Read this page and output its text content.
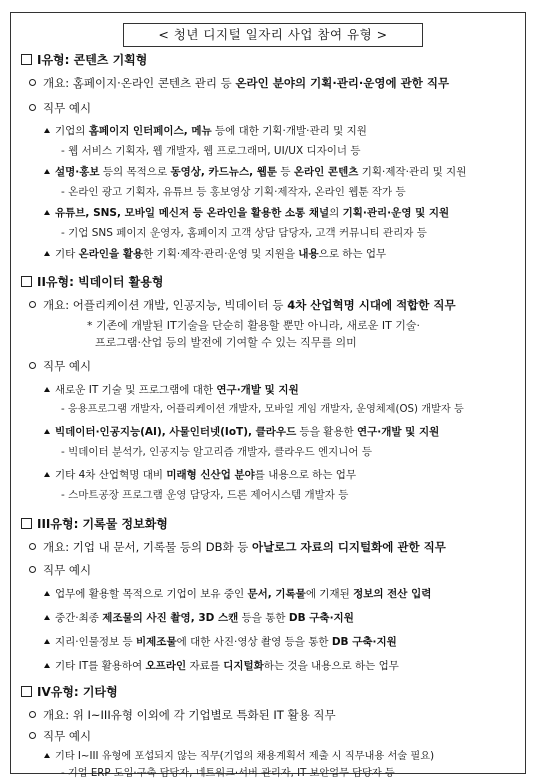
< 청년 디지털 일자리 사업 참여 유형 >
I유형: 콘텐츠 기획형
개요: 홈페이지·온라인 콘텐츠 관리 등 온라인 분야의 기획·관리·운영에 관한 직무
직무 예시
기업의 홈페이지 인터페이스, 메뉴 등에 대한 기획·개발·관리 및 지원
- 웹 서비스 기획자, 웹 개발자, 웹 프로그래머, UI/UX 디자이너 등
설명·홍보 등의 목적으로 동영상, 카드뉴스, 웹툰 등 온라인 콘텐츠 기획·제작·관리 및 지원
- 온라인 광고 기획자, 유튜브 등 홍보영상 기획·제작자, 온라인 웹툰 작가 등
유튜브, SNS, 모바일 메신저 등 온라인을 활용한 소통 채널의 기획·관리·운영 및 지원
- 기업 SNS 페이지 운영자, 홈페이지 고객 상담 담당자, 고객 커뮤니티 관리자 등
기타 온라인을 활용한 기획·제작·관리·운영 및 지원을 내용으로 하는 업무
II유형: 빅데이터 활용형
개요: 어플리케이션 개발, 인공지능, 빅데이터 등 4차 산업혁명 시대에 적합한 직무
* 기존에 개발된 IT기술을 단순히 활용할 뿐만 아니라, 새로운 IT 기술·
프로그램·산업 등의 발전에 기여할 수 있는 직무를 의미
직무 예시
새로운 IT 기술 및 프로그램에 대한 연구·개발 및 지원
- 응용프로그램 개발자, 어플리케이션 개발자, 모바일 게임 개발자, 운영체제(OS) 개발자 등
빅데이터·인공지능(AI), 사물인터넷(IoT), 클라우드 등을 활용한 연구·개발 및 지원
- 빅데이터 분석가, 인공지능 알고리즘 개발자, 클라우드 엔지니어 등
기타 4차 산업혁명 대비 미래형 신산업 분야를 내용으로 하는 업무
- 스마트공장 프로그램 운영 담당자, 드론 제어시스템 개발자 등
III유형: 기록물 정보화형
개요: 기업 내 문서, 기록물 등의 DB화 등 아날로그 자료의 디지털화에 관한 직무
직무 예시
업무에 활용할 목적으로 기업이 보유 중인 문서, 기록물에 기재된 정보의 전산 입력
중간·최종 제조물의 사진 촬영, 3D 스캔 등을 통한 DB 구축·지원
지리·인물정보 등 비제조물에 대한 사진·영상 촬영 등을 통한 DB 구축·지원
기타 IT를 활용하여 오프라인 자료를 디지털화하는 것을 내용으로 하는 업무
IV유형: 기타형
개요: 위 I~III유형 이외에 각 기업별로 특화된 IT 활용 직무
직무 예시
기타 I~III 유형에 포섭되지 않는 직무(기업의 채용계획서 제출 시 직무내용 서술 필요)
- 기업 ERP 도입·구축 담당자, 네트워크·서버 관리자, IT 보안업무 담당자 등
